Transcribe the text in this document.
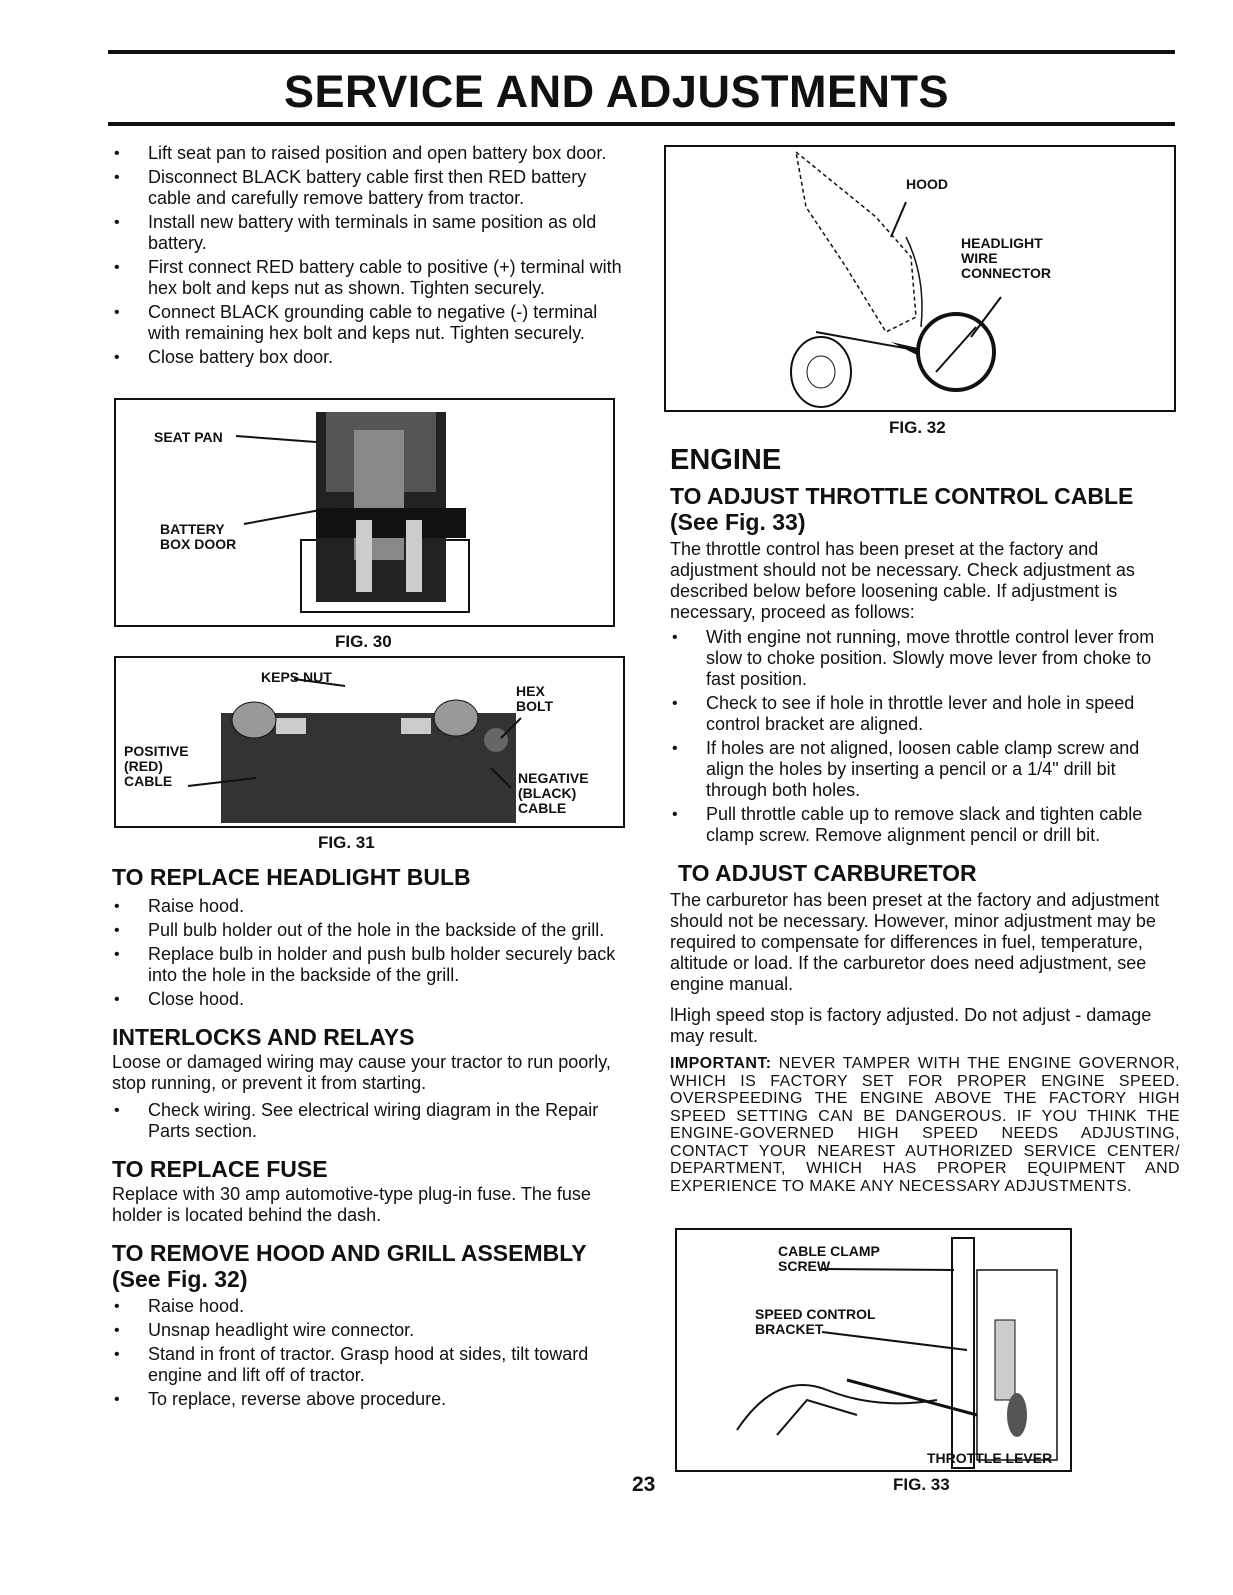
SERVICE AND ADJUSTMENTS
• Lift seat pan to raised position and open battery box door.
• Disconnect BLACK battery cable first then RED battery cable and carefully remove battery from tractor.
• Install new battery with terminals in same position as old battery.
• First connect RED battery cable to positive (+) terminal with hex bolt and keps nut as shown. Tighten securely.
• Connect BLACK grounding cable to negative (-) terminal with remaining hex bolt and keps nut. Tighten securely.
• Close battery box door.
SEAT PAN
BATTERY
BOX DOOR
FIG. 30
KEPS NUT
HEX
BOLT
POSITIVE
(RED)
CABLE	NEGATIVE
(BLACK)
CABLE
FIG. 31
TO REPLACE HEADLIGHT BULB
• Raise hood.
• Pull bulb holder out of the hole in the backside of the grill.
• Replace bulb in holder and push bulb holder securely back into the hole in the backside of the grill.
• Close hood.
INTERLOCKS AND RELAYS

Loose or damaged wiring may cause your tractor to run poorly, stop running, or prevent it from starting.

• Check wiring. See electrical wiring diagram in the Repair Parts section.
TO REPLACE FUSE

Replace with 30 amp automotive-type plug-in fuse. The fuse holder is located behind the dash.

TO REMOVE HOOD AND GRILL ASSEMBLY
(See Fig. 32)
• Raise hood.
• Unsnap headlight wire connector.
• Stand in front of tractor. Grasp hood at sides, tilt toward engine and lift off of tractor.
• To replace, reverse above procedure.
23
HOOD
HEADLIGHT
WIRE
CONNECTOR
FIG. 32
ENGINE
TO ADJUST THROTTLE CONTROL CABLE
(See Fig. 33)

The throttle control has been preset at the factory and adjustment should not be necessary. Check adjustment as described below before loosening cable. If adjustment is necessary, proceed as follows:

• With engine not running, move throttle control lever from slow to choke position. Slowly move lever from choke to fast position.
• Check to see if hole in throttle lever and hole in speed control bracket are aligned.
• If holes are not aligned, loosen cable clamp screw and align the holes by inserting a pencil or a 1/4" drill bit through both holes.
• Pull throttle cable up to remove slack and tighten cable clamp screw. Remove alignment pencil or drill bit.
TO ADJUST CARBURETOR

The carburetor has been preset at the factory and adjustment should not be necessary. However, minor adjustment may be required to compensate for differences in fuel, temperature, altitude or load. If the carburetor does need adjustment, see engine manual.

lHigh speed stop is factory adjusted. Do not adjust - damage may result.

IMPORTANT: NEVER TAMPER WITH THE ENGINE GOVERNOR, WHICH IS FACTORY SET FOR PROPER ENGINE SPEED. OVERSPEEDING THE ENGINE ABOVE THE FACTORY HIGH SPEED SETTING CAN BE DANGEROUS. IF YOU THINK THE ENGINE-GOVERNED HIGH SPEED NEEDS ADJUSTING, CONTACT YOUR NEAREST AUTHORIZED SERVICE CENTER/ DEPARTMENT, WHICH HAS PROPER EQUIPMENT AND EXPERIENCE TO MAKE ANY NECESSARY ADJUSTMENTS.

CABLE CLAMP
SCREW
SPEED CONTROL
BRACKET
THROTTLE LEVER
FIG. 33
